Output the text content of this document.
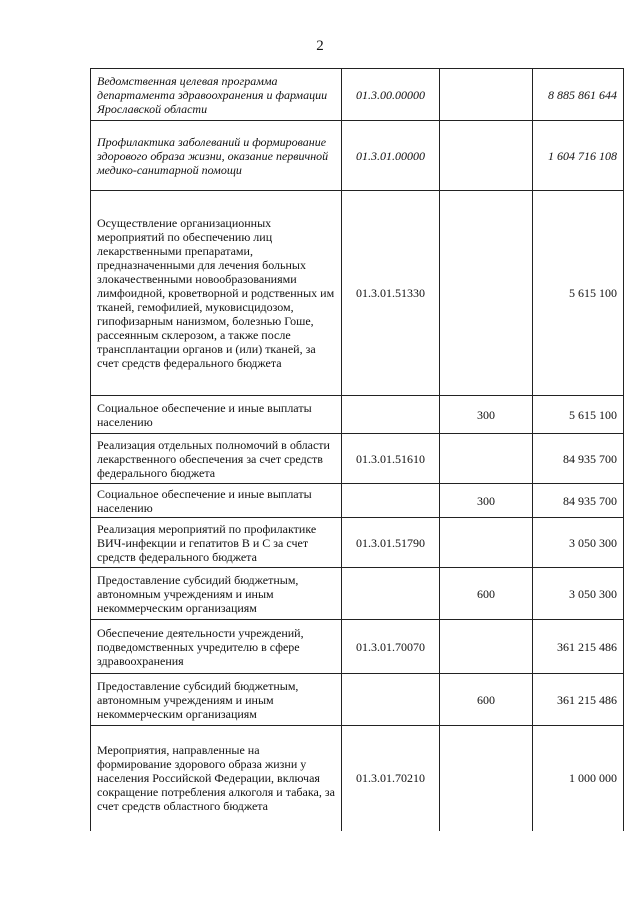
2
Ведомственная целевая программа департамента здравоохранения и фармации Ярославской области	01.3.00.00000		8 885 861 644
Профилактика заболеваний и формирование здорового образа жизни, оказание первичной медико-санитарной помощи	01.3.01.00000		1 604 716 108
Осуществление организационных мероприятий по обеспечению лиц лекарственными препаратами, предназначенными для лечения больных злокачественными новообразованиями лимфоидной, кроветворной и родственных им тканей, гемофилией, муковисцидозом, гипофизарным нанизмом, болезнью Гоше, рассеянным склерозом, а также после трансплантации органов и (или) тканей, за счет средств федерального бюджета	01.3.01.51330		5 615 100
Социальное обеспечение и иные выплаты населению		300	5 615 100
Реализация отдельных полномочий в области лекарственного обеспечения за счет средств федерального бюджета	01.3.01.51610		84 935 700
Социальное обеспечение и иные выплаты населению		300	84 935 700
Реализация мероприятий по профилактике ВИЧ-инфекции и гепатитов В и С за счет средств федерального бюджета	01.3.01.51790		3 050 300
Предоставление субсидий бюджетным, автономным учреждениям и иным некоммерческим организациям		600	3 050 300
Обеспечение деятельности учреждений, подведомственных учредителю в сфере здравоохранения	01.3.01.70070		361 215 486
Предоставление субсидий бюджетным, автономным учреждениям и иным некоммерческим организациям		600	361 215 486
Мероприятия, направленные на формирование здорового образа жизни у населения Российской Федерации, включая сокращение потребления алкоголя и табака, за счет средств областного бюджета	01.3.01.70210		1 000 000
